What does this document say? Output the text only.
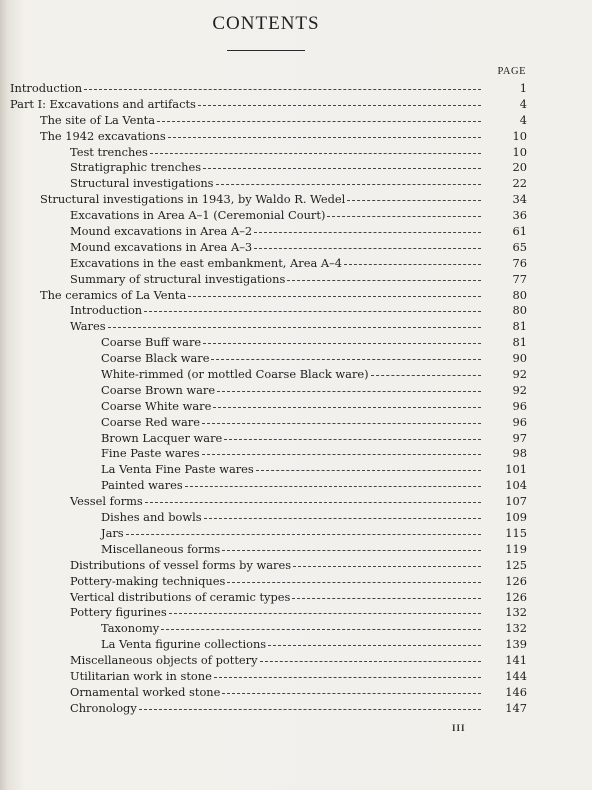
CONTENTS
PAGE
Introduction	1
Part I: Excavations and artifacts	4
The site of La Venta	4
The 1942 excavations	10
Test trenches	10
Stratigraphic trenches	20
Structural investigations	22
Structural investigations in 1943, by Waldo R. Wedel	34
Excavations in Area A–1 (Ceremonial Court)	36
Mound excavations in Area A–2	61
Mound excavations in Area A–3	65
Excavations in the east embankment, Area A–4	76
Summary of structural investigations	77
The ceramics of La Venta	80
Introduction	80
Wares	81
Coarse Buff ware	81
Coarse Black ware	90
White-rimmed (or mottled Coarse Black ware)	92
Coarse Brown ware	92
Coarse White ware	96
Coarse Red ware	96
Brown Lacquer ware	97
Fine Paste wares	98
La Venta Fine Paste wares	101
Painted wares	104
Vessel forms	107
Dishes and bowls	109
Jars	115
Miscellaneous forms	119
Distributions of vessel forms by wares	125
Pottery-making techniques	126
Vertical distributions of ceramic types	126
Pottery figurines	132
Taxonomy	132
La Venta figurine collections	139
Miscellaneous objects of pottery	141
Utilitarian work in stone	144
Ornamental worked stone	146
Chronology	147
III
